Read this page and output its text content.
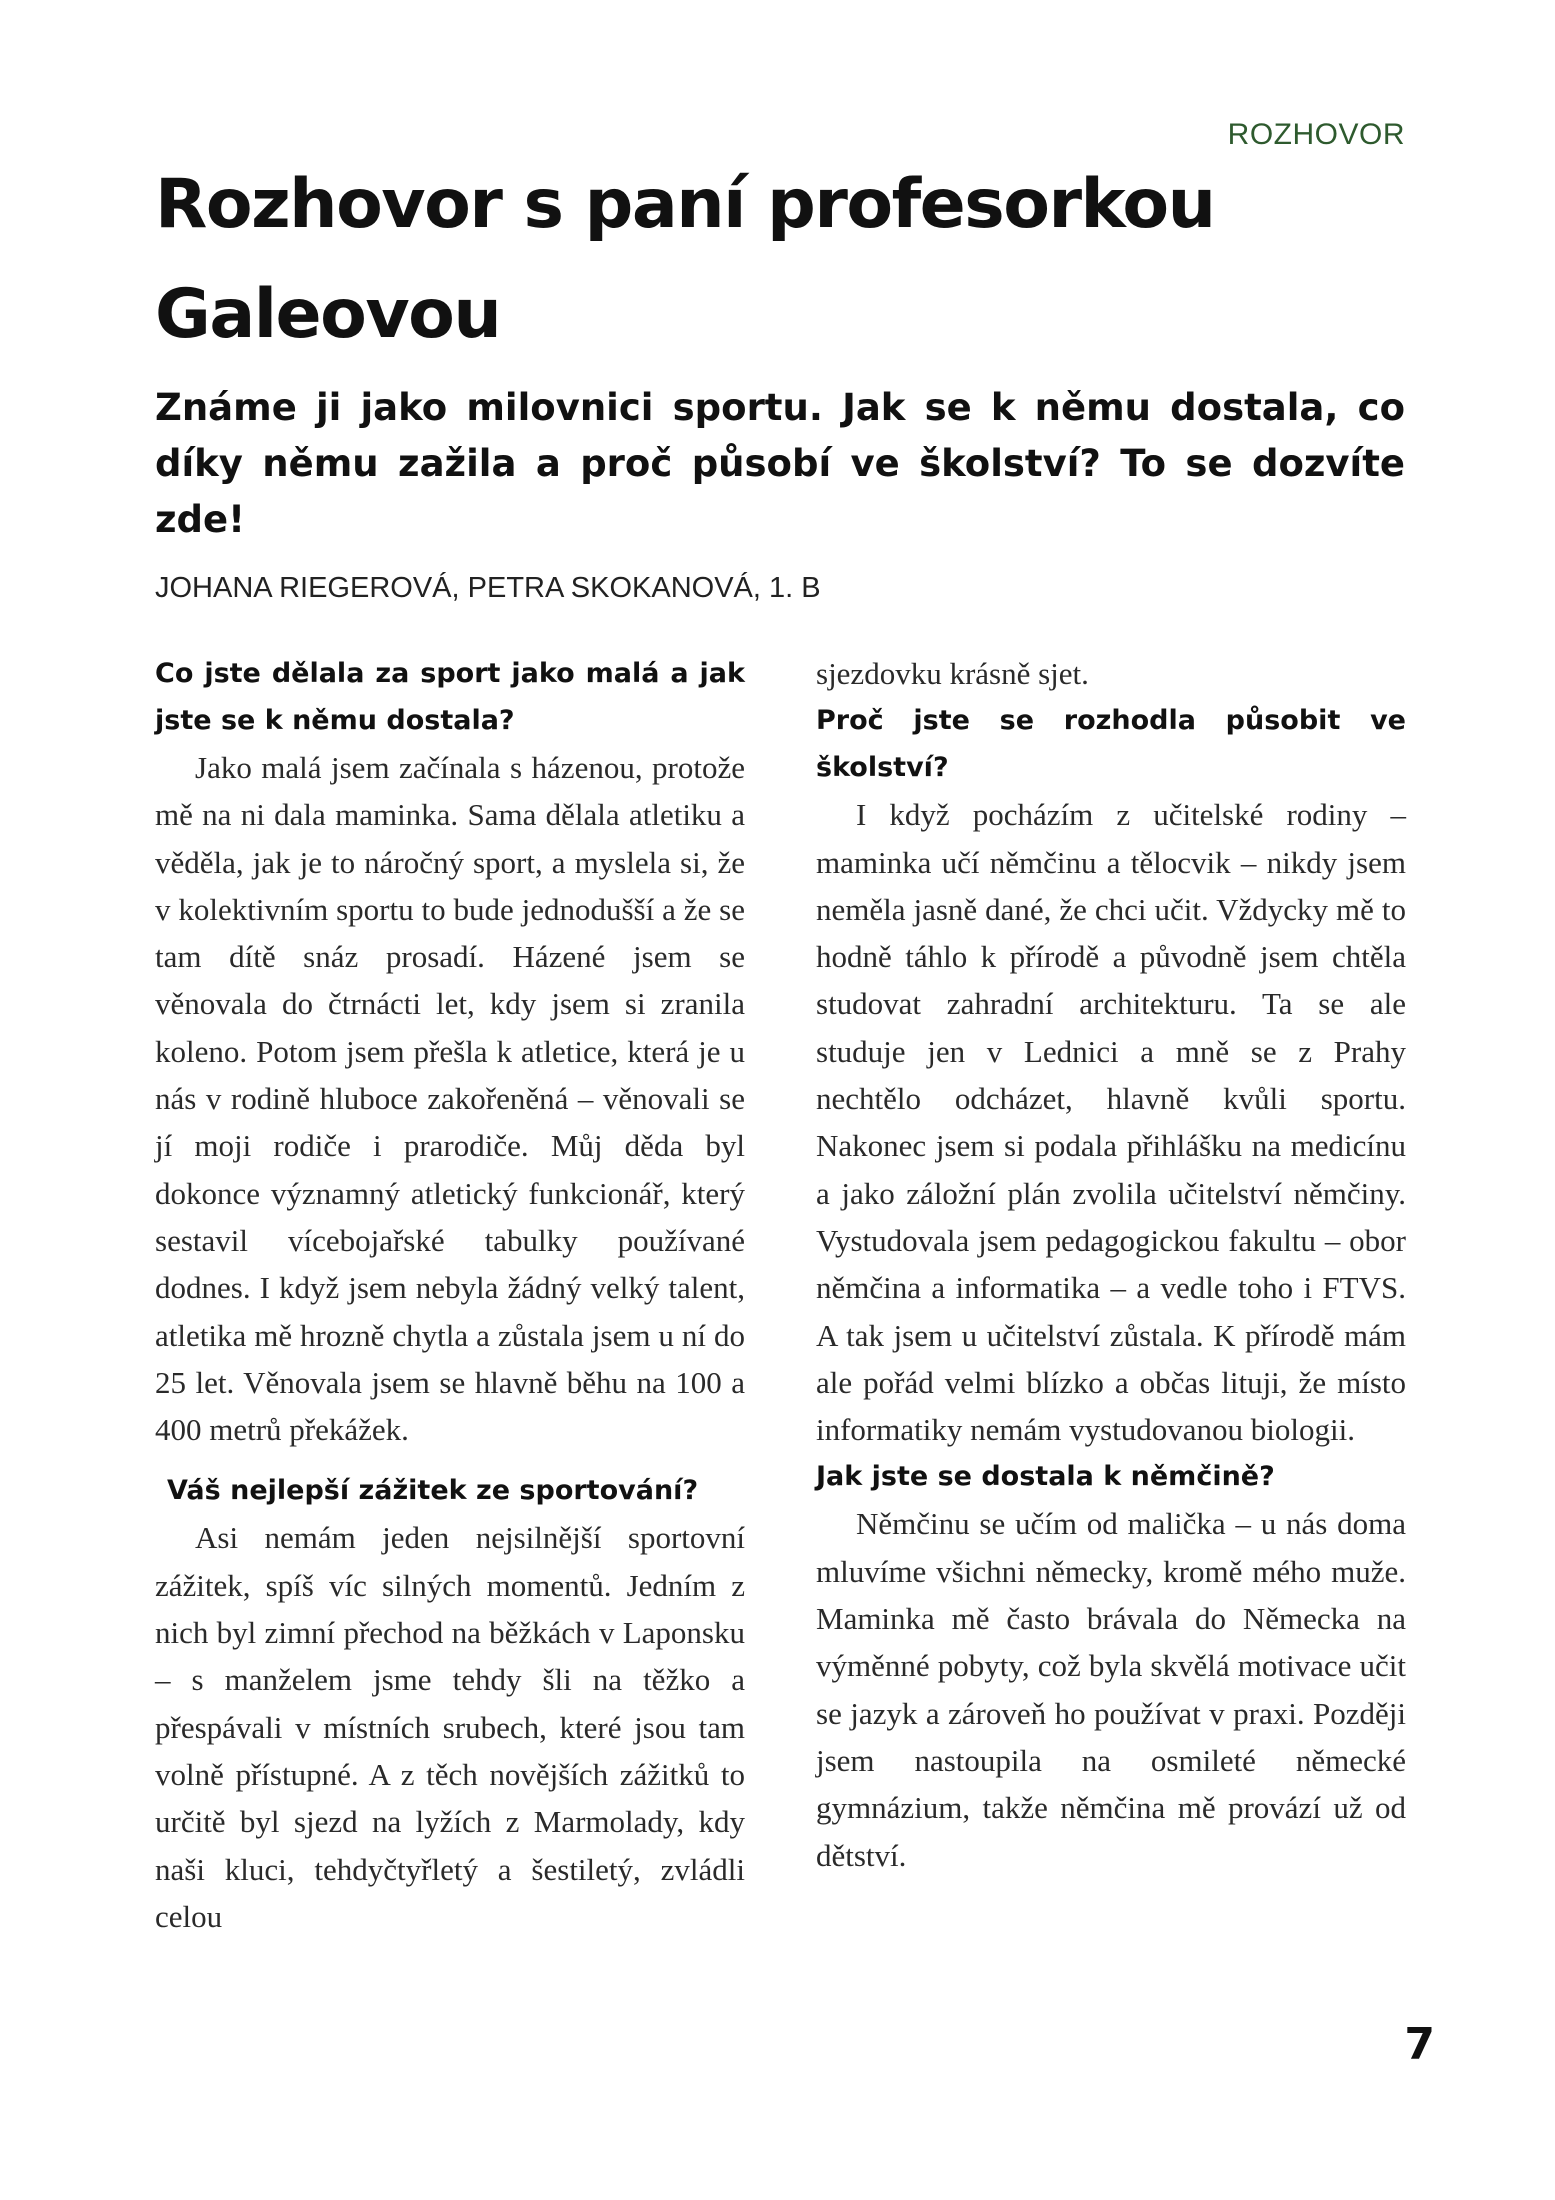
ROZHOVOR

Rozhovor s paní profesorkou Galeovou

Známe ji jako milovnici sportu. Jak se k němu dostala, co díky němu zažila a proč působí ve školství? To se dozvíte zde!

JOHANA RIEGEROVÁ, PETRA SKOKANOVÁ, 1. B

Co jste dělala za sport jako malá a jak jste se k němu dostala?

Jako malá jsem začínala s házenou, protože mě na ni dala maminka. Sama dělala atletiku a věděla, jak je to náročný sport, a myslela si, že v kolektivním sportu to bude jednodušší a že se tam dítě snáz prosadí. Házené jsem se věnovala do čtrnácti let, kdy jsem si zranila koleno. Potom jsem přešla k atletice, která je u nás v rodině hluboce zakořeněná – věnovali se jí moji rodiče i prarodiče. Můj děda byl dokonce významný atletický funkcionář, který sestavil vícebojařské tabulky používané dodnes. I když jsem nebyla žádný velký talent, atletika mě hrozně chytla a zůstala jsem u ní do 25 let. Věnovala jsem se hlavně běhu na 100 a 400 metrů překážek.

Váš nejlepší zážitek ze sportování?

Asi nemám jeden nejsilnější sportovní zážitek, spíš víc silných momentů. Jedním z nich byl zimní přechod na běžkách v Laponsku – s manželem jsme tehdy šli na těžko a přespávali v místních srubech, které jsou tam volně přístupné. A z těch novějších zážitků to určitě byl sjezd na lyžích z Marmolady, kdy naši kluci, tehdyčtyřletý a šestiletý, zvládli celou

sjezdovku krásně sjet.

Proč jste se rozhodla působit ve školství?

I když pocházím z učitelské rodiny – maminka učí němčinu a tělocvik – nikdy jsem neměla jasně dané, že chci učit. Vždycky mě to hodně táhlo k přírodě a původně jsem chtěla studovat zahradní architekturu. Ta se ale studuje jen v Lednici a mně se z Prahy nechtělo odcházet, hlavně kvůli sportu. Nakonec jsem si podala přihlášku na medicínu a jako záložní plán zvolila učitelství němčiny. Vystudovala jsem pedagogickou fakultu – obor němčina a informatika – a vedle toho i FTVS. A tak jsem u učitelství zůstala. K přírodě mám ale pořád velmi blízko a občas lituji, že místo informatiky nemám vystudovanou biologii.

Jak jste se dostala k němčině?

Němčinu se učím od malička – u nás doma mluvíme všichni německy, kromě mého muže. Maminka mě často brávala do Německa na výměnné pobyty, což byla skvělá motivace učit se jazyk a zároveň ho používat v praxi. Později jsem nastoupila na osmileté německé gymnázium, takže němčina mě provází už od dětství.

7
